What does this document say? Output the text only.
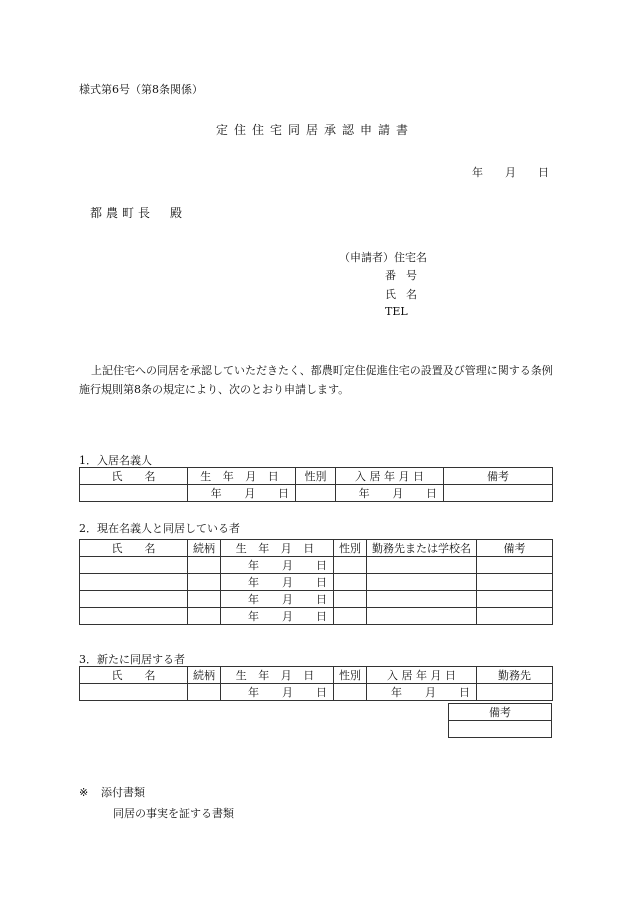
様式第6号（第8条関係）
定住住宅同居承認申請書
年 月 日
都農町長　殿
（申請者）住宅名
番号
氏名
TEL
上記住宅への同居を承認していただきたく、都農町定住促進住宅の設置及び管理に関する条例施行規則第8条の規定により、次のとおり申請します。
1．入居名義人
氏　　名	生 年 月 日	性別	入 居 年 月 日	備考

	年 月 日		年 月 日	

2．現在名義人と同居している者
氏　　名	続柄	生 年 月 日	性別	勤務先または学校名	備考

		年 月 日			

		年 月 日			

		年 月 日			

		年 月 日			

3．新たに同居する者
氏　　名	続柄	生 年 月 日	性別	入 居 年 月 日	勤務先

		年 月 日		年 月 日	

備考

※ 添付書類
同居の事実を証する書類
